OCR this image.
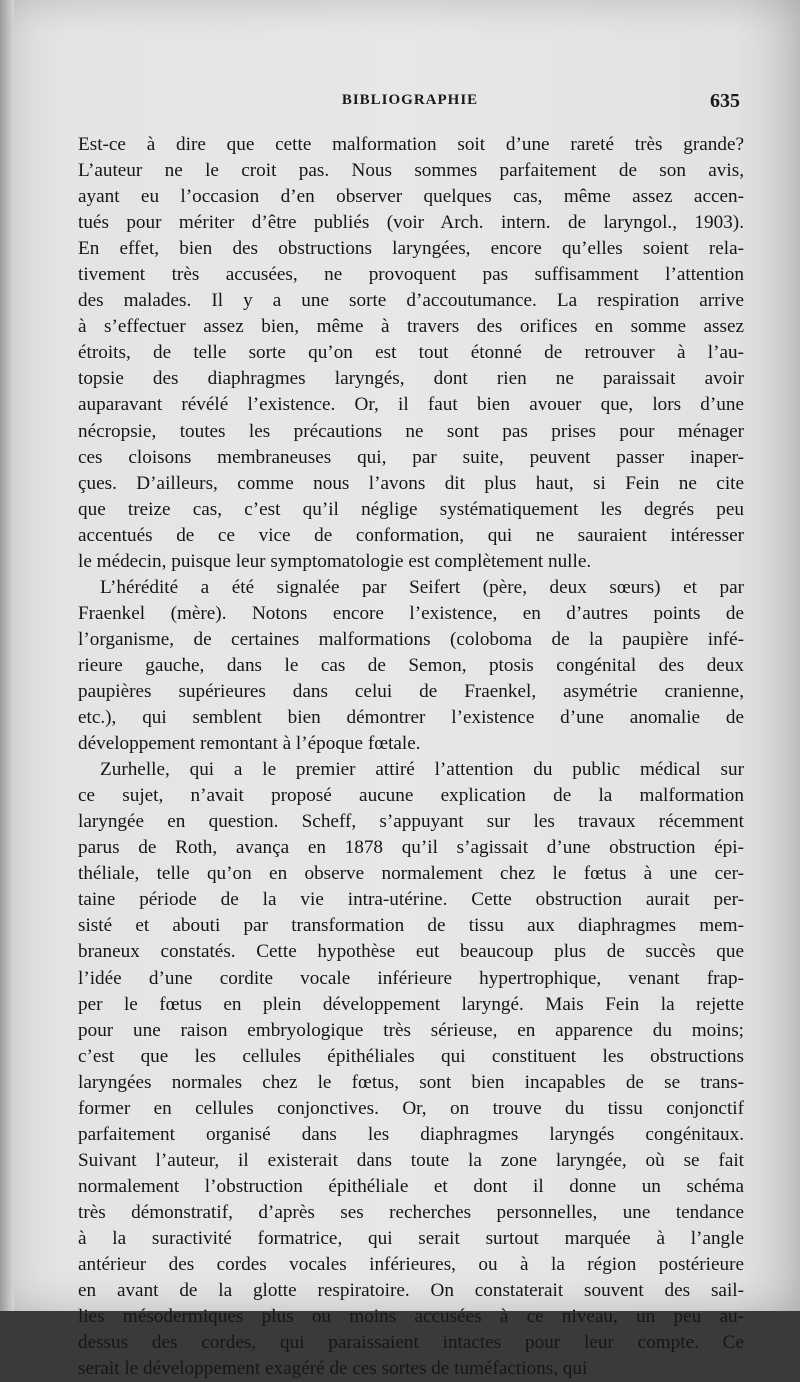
BIBLIOGRAPHIE	635

Est-ce à dire que cette malformation soit d’une rareté très grande?
L’auteur ne le croit pas. Nous sommes parfaitement de son avis,
ayant eu l’occasion d’en observer quelques cas, même assez accen-
tués pour mériter d’être publiés (voir Arch. intern. de laryngol., 1903).
En effet, bien des obstructions laryngées, encore qu’elles soient rela-
tivement très accusées, ne provoquent pas suffisamment l’attention
des malades. Il y a une sorte d’accoutumance. La respiration arrive
à s’effectuer assez bien, même à travers des orifices en somme assez
étroits, de telle sorte qu’on est tout étonné de retrouver à l’au-
topsie des diaphragmes laryngés, dont rien ne paraissait avoir
auparavant révélé l’existence. Or, il faut bien avouer que, lors d’une
nécropsie, toutes les précautions ne sont pas prises pour ménager
ces cloisons membraneuses qui, par suite, peuvent passer inaper-
çues. D’ailleurs, comme nous l’avons dit plus haut, si Fein ne cite
que treize cas, c’est qu’il néglige systématiquement les degrés peu
accentués de ce vice de conformation, qui ne sauraient intéresser
le médecin, puisque leur symptomatologie est complètement nulle.

L’hérédité a été signalée par Seifert (père, deux sœurs) et par
Fraenkel (mère). Notons encore l’existence, en d’autres points de
l’organisme, de certaines malformations (coloboma de la paupière infé-
rieure gauche, dans le cas de Semon, ptosis congénital des deux
paupières supérieures dans celui de Fraenkel, asymétrie cranienne,
etc.), qui semblent bien démontrer l’existence d’une anomalie de
développement remontant à l’époque fœtale.

Zurhelle, qui a le premier attiré l’attention du public médical sur
ce sujet, n’avait proposé aucune explication de la malformation
laryngée en question. Scheff, s’appuyant sur les travaux récemment
parus de Roth, avança en 1878 qu’il s’agissait d’une obstruction épi-
théliale, telle qu’on en observe normalement chez le fœtus à une cer-
taine période de la vie intra-utérine. Cette obstruction aurait per-
sisté et abouti par transformation de tissu aux diaphragmes mem-
braneux constatés. Cette hypothèse eut beaucoup plus de succès que
l’idée d’une cordite vocale inférieure hypertrophique, venant frap-
per le fœtus en plein développement laryngé. Mais Fein la rejette
pour une raison embryologique très sérieuse, en apparence du moins;
c’est que les cellules épithéliales qui constituent les obstructions
laryngées normales chez le fœtus, sont bien incapables de se trans-
former en cellules conjonctives. Or, on trouve du tissu conjonctif
parfaitement organisé dans les diaphragmes laryngés congénitaux.
Suivant l’auteur, il existerait dans toute la zone laryngée, où se fait
normalement l’obstruction épithéliale et dont il donne un schéma
très démonstratif, d’après ses recherches personnelles, une tendance
à la suractivité formatrice, qui serait surtout marquée à l’angle
antérieur des cordes vocales inférieures, ou à la région postérieure
en avant de la glotte respiratoire. On constaterait souvent des sail-
lies mésodermiques plus ou moins accusées à ce niveau, un peu au-
dessus des cordes, qui paraissaient intactes pour leur compte. Ce
serait le développement exagéré de ces sortes de tuméfactions, qui
